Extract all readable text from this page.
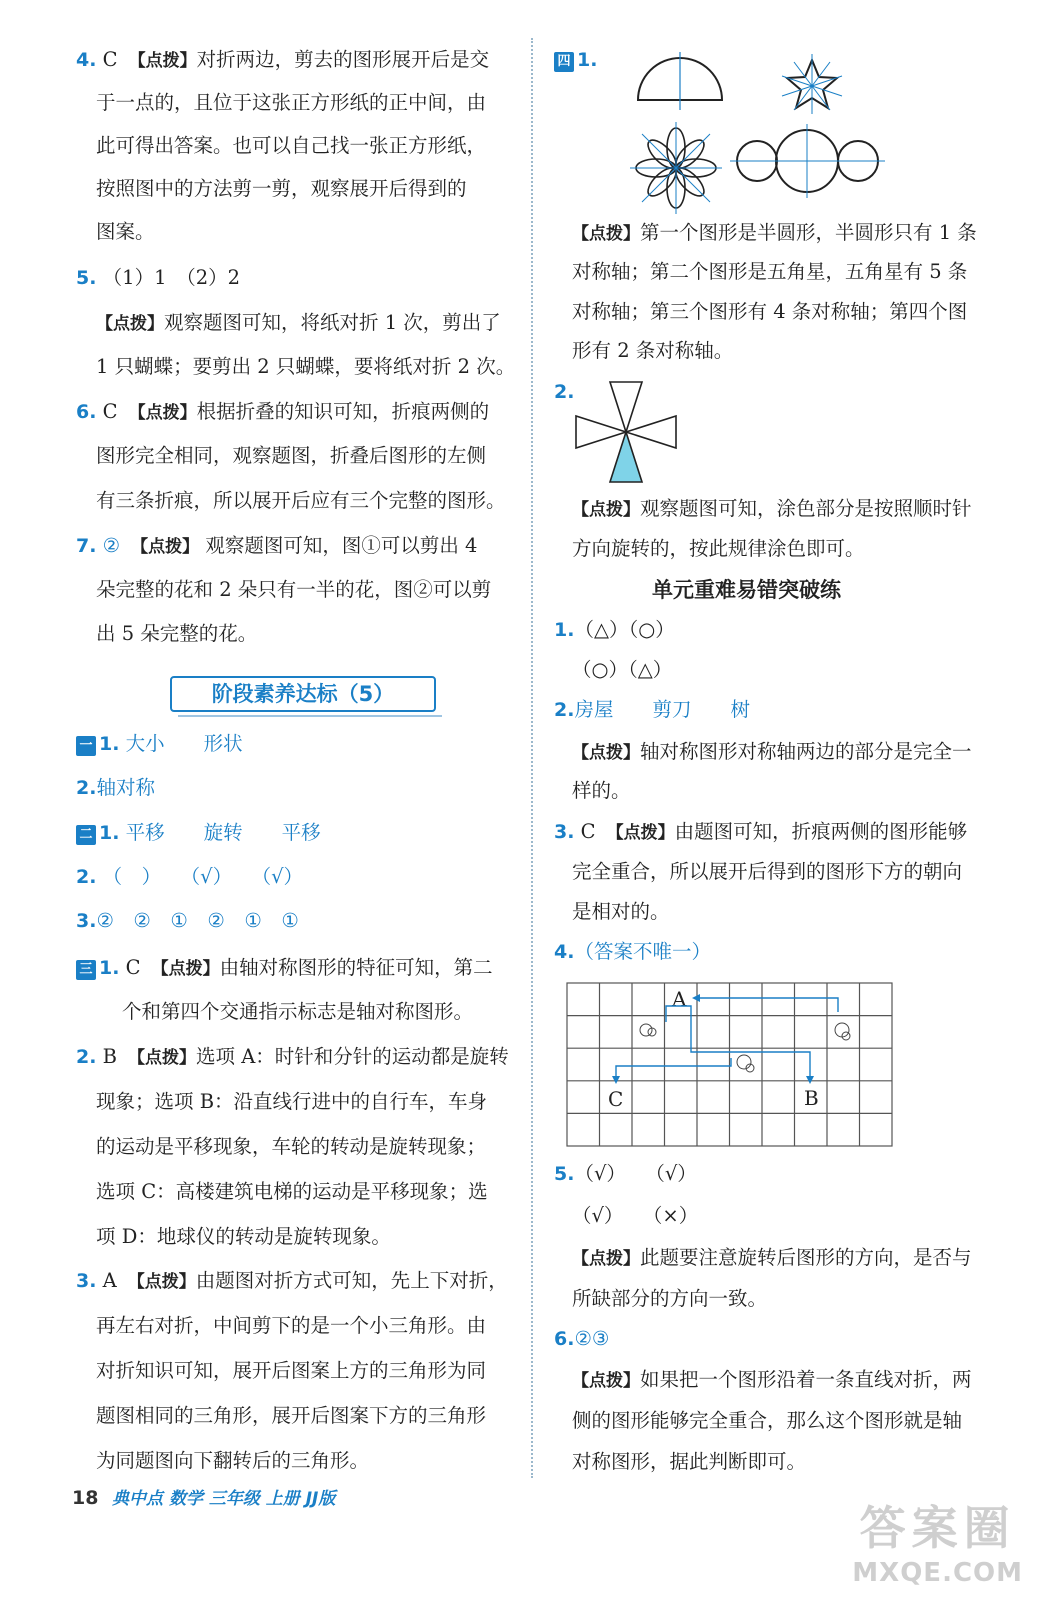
4. C　 【点拨】对折两边，剪去的图形展开后是交
于一点的，且位于这张正方形纸的正中间，由
此可得出答案。也可以自己找一张正方形纸，
按照图中的方法剪一剪，观察展开后得到的
图案。
5. （1）1　（2）2
【点拨】观察题图可知，将纸对折 1 次，剪出了
1 只蝴蝶；要剪出 2 只蝴蝶，要将纸对折 2 次。
6. C　 【点拨】根据折叠的知识可知，折痕两侧的
图形完全相同，观察题图，折叠后图形的左侧
有三条折痕，所以展开后应有三个完整的图形。
7. ②　 【点拨】 观察题图可知，图①可以剪出 4
朵完整的花和 2 朵只有一半的花，图②可以剪
出 5 朵完整的花。
阶段素养达标（5）
一 1. 大小　　形状
2.轴对称
二 1. 平移　　旋转　　平移
2. （　）　　（√）　　（√）
3.②　②　①　②　①　①
三 1. C　 【点拨】由轴对称图形的特征可知，第二
个和第四个交通指示标志是轴对称图形。
2. B　 【点拨】选项 A：时针和分针的运动都是旋转
现象；选项 B：沿直线行进中的自行车，车身
的运动是平移现象，车轮的转动是旋转现象；
选项 C：高楼建筑电梯的运动是平移现象；选
项 D：地球仪的转动是旋转现象。
3. A　 【点拨】由题图对折方式可知，先上下对折，
再左右对折，中间剪下的是一个小三角形。由
对折知识可知，展开后图案上方的三角形为同
题图相同的三角形，展开后图案下方的三角形
为同题图向下翻转后的三角形。
四 1.
【点拨】第一个图形是半圆形，半圆形只有 1 条
对称轴；第二个图形是五角星，五角星有 5 条
对称轴；第三个图形有 4 条对称轴；第四个图
形有 2 条对称轴。
2.
【点拨】观察题图可知，涂色部分是按照顺时针
方向旋转的，按此规律涂色即可。
单元重难易错突破练
1.（△）（○）
（○）（△）
2.房屋　　剪刀　　树
【点拨】轴对称图形对称轴两边的部分是完全一
样的。
3. C　 【点拨】由题图可知，折痕两侧的图形能够
完全重合，所以展开后得到的图形下方的朝向
是相对的。
4.（答案不唯一）
A
B
C
5.（√）　　（√）
（√）　　（×）
【点拨】此题要注意旋转后图形的方向，是否与
所缺部分的方向一致。
6.②③
【点拨】如果把一个图形沿着一条直线对折，两
侧的图形能够完全重合，那么这个图形就是轴
对称图形，据此判断即可。
18 典中点 数学 三年级 上册 JJ版
答案圈
MXQE.COM
